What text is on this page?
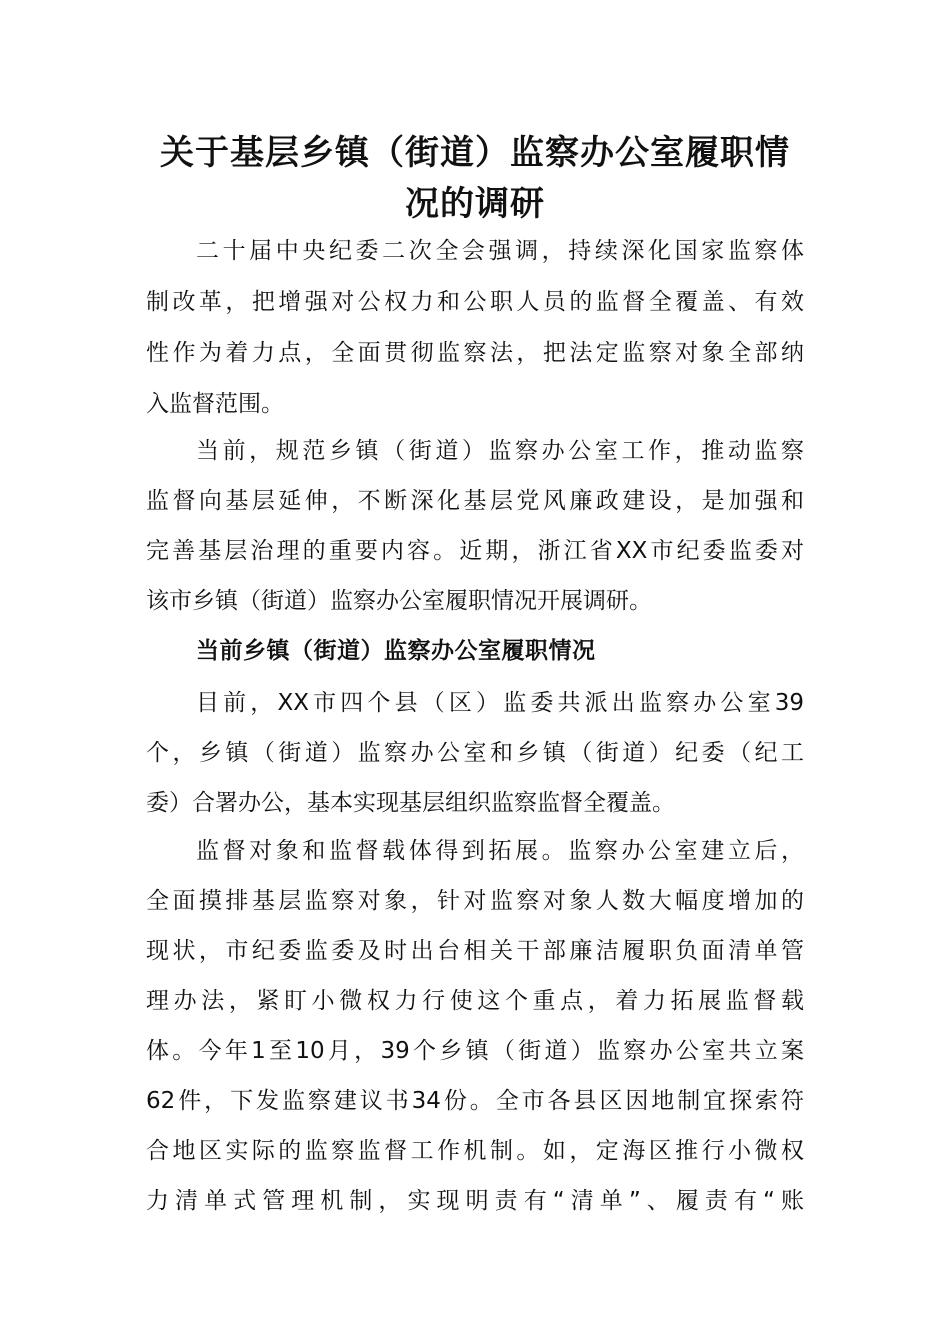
关于基层乡镇（街道）监察办公室履职情
况的调研
二十届中央纪委二次全会强调，持续深化国家监察体
制改革，把增强对公权力和公职人员的监督全覆盖、有效
性作为着力点，全面贯彻监察法，把法定监察对象全部纳
入监督范围。
当前，规范乡镇（街道）监察办公室工作，推动监察
监督向基层延伸，不断深化基层党风廉政建设，是加强和
完善基层治理的重要内容。近期，浙江省XX市纪委监委对
该市乡镇（街道）监察办公室履职情况开展调研。
当前乡镇（街道）监察办公室履职情况
目前，XX市四个县（区）监委共派出监察办公室39
个，乡镇（街道）监察办公室和乡镇（街道）纪委（纪工
委）合署办公，基本实现基层组织监察监督全覆盖。
监督对象和监督载体得到拓展。监察办公室建立后，
全面摸排基层监察对象，针对监察对象人数大幅度增加的
现状，市纪委监委及时出台相关干部廉洁履职负面清单管
理办法，紧盯小微权力行使这个重点，着力拓展监督载
体。今年1至10月，39个乡镇（街道）监察办公室共立案
62件，下发监察建议书34份。全市各县区因地制宜探索符
合地区实际的监察监督工作机制。如，定海区推行小微权
力清单式管理机制，实现明责有“清单”、履责有“账
